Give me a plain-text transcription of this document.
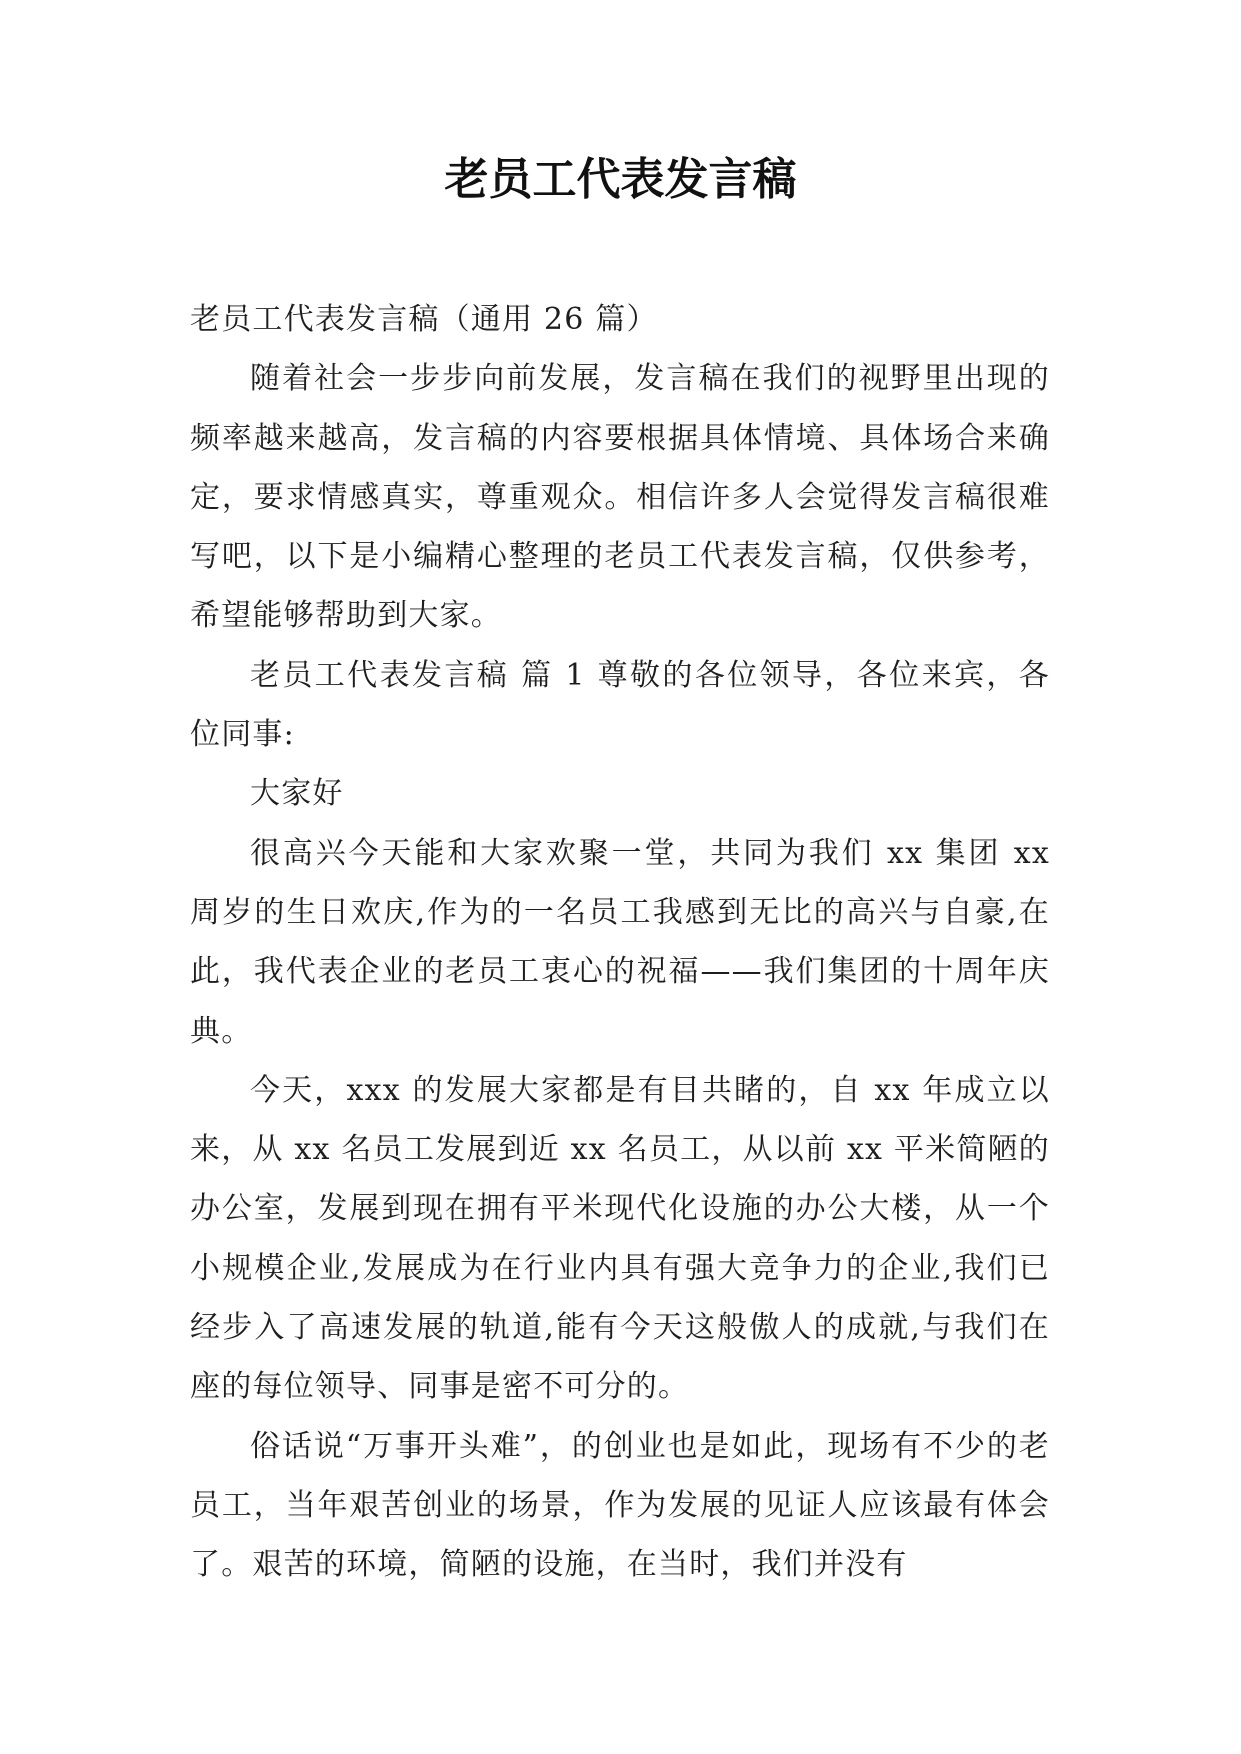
老员工代表发言稿

老员工代表发言稿（通用 26 篇）

随着社会一步步向前发展，发言稿在我们的视野里出现的频率越来越高，发言稿的内容要根据具体情境、具体场合来确定，要求情感真实，尊重观众。相信许多人会觉得发言稿很难写吧，以下是小编精心整理的老员工代表发言稿，仅供参考，希望能够帮助到大家。

老员工代表发言稿 篇 1 尊敬的各位领导，各位来宾，各位同事:

大家好

很高兴今天能和大家欢聚一堂，共同为我们 xx 集团 xx 周岁的生日欢庆,作为的一名员工我感到无比的高兴与自豪,在此，我代表企业的老员工衷心的祝福——我们集团的十周年庆典。

今天，xxx 的发展大家都是有目共睹的，自 xx 年成立以来，从 xx 名员工发展到近 xx 名员工，从以前 xx 平米简陋的办公室，发展到现在拥有平米现代化设施的办公大楼，从一个小规模企业,发展成为在行业内具有强大竞争力的企业,我们已经步入了高速发展的轨道,能有今天这般傲人的成就,与我们在座的每位领导、同事是密不可分的。

俗话说“万事开头难”，的创业也是如此，现场有不少的老员工，当年艰苦创业的场景，作为发展的见证人应该最有体会了。艰苦的环境，简陋的设施，在当时，我们并没有
